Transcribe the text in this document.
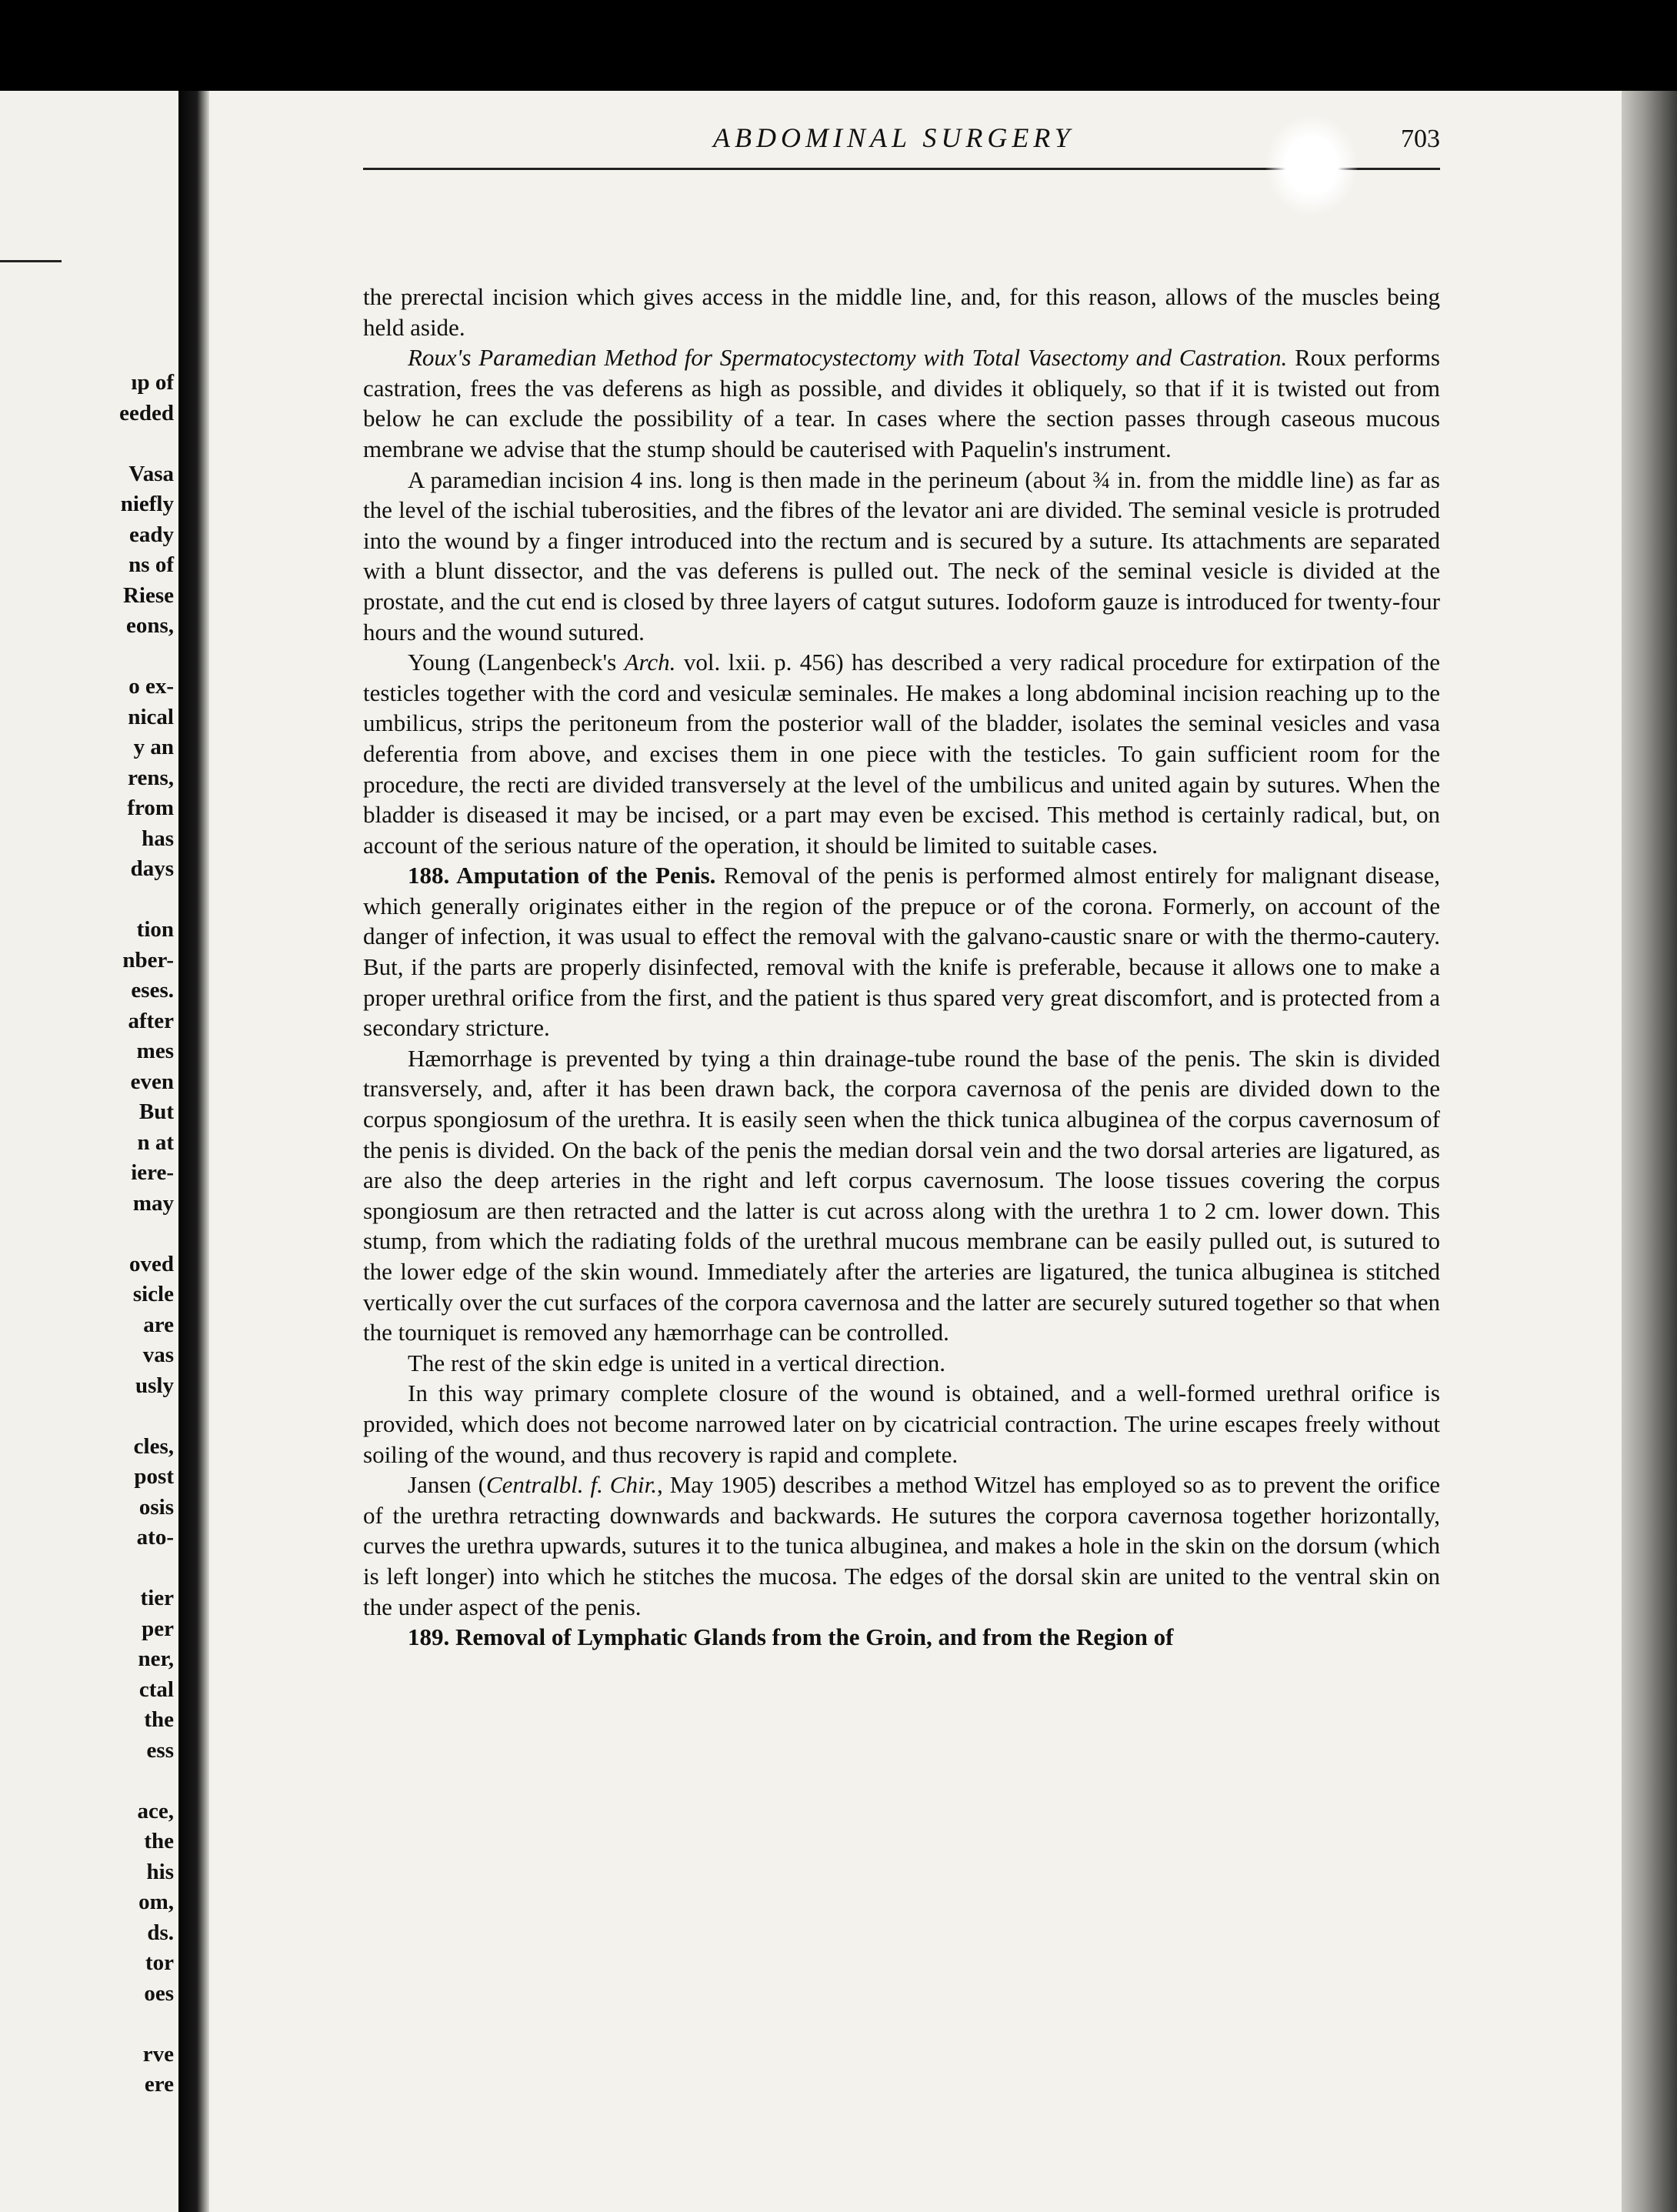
ıp of
eeded
Vasa
niefly
eady
ns of
Riese
eons,
o ex-
nical
y an
rens,
from
has
days
tion
nber-
eses.
after
mes
even
But
n at
iere-
may
oved
sicle
are
vas
usly
cles,
post
osis
ato-
tier
per
ner,
ctal
the
ess
ace,
the
his
om,
ds.
tor
oes
rve
ere
ABDOMINAL SURGERY	703

the prerectal incision which gives access in the middle line, and, for this reason, allows of the muscles being held aside.

Roux's Paramedian Method for Spermatocystectomy with Total Vasectomy and Castration. Roux performs castration, frees the vas deferens as high as possible, and divides it obliquely, so that if it is twisted out from below he can exclude the possibility of a tear. In cases where the section passes through caseous mucous membrane we advise that the stump should be cauterised with Paquelin's instrument.

A paramedian incision 4 ins. long is then made in the perineum (about ¾ in. from the middle line) as far as the level of the ischial tuberosities, and the fibres of the levator ani are divided. The seminal vesicle is protruded into the wound by a finger introduced into the rectum and is secured by a suture. Its attachments are separated with a blunt dissector, and the vas deferens is pulled out. The neck of the seminal vesicle is divided at the prostate, and the cut end is closed by three layers of catgut sutures. Iodoform gauze is introduced for twenty-four hours and the wound sutured.

Young (Langenbeck's Arch. vol. lxii. p. 456) has described a very radical procedure for extirpation of the testicles together with the cord and vesiculæ seminales. He makes a long abdominal incision reaching up to the umbilicus, strips the peritoneum from the posterior wall of the bladder, isolates the seminal vesicles and vasa deferentia from above, and excises them in one piece with the testicles. To gain sufficient room for the procedure, the recti are divided transversely at the level of the umbilicus and united again by sutures. When the bladder is diseased it may be incised, or a part may even be excised. This method is certainly radical, but, on account of the serious nature of the operation, it should be limited to suitable cases.

188. Amputation of the Penis. Removal of the penis is performed almost entirely for malignant disease, which generally originates either in the region of the prepuce or of the corona. Formerly, on account of the danger of infection, it was usual to effect the removal with the galvano-caustic snare or with the thermo-cautery. But, if the parts are properly disinfected, removal with the knife is preferable, because it allows one to make a proper urethral orifice from the first, and the patient is thus spared very great discomfort, and is protected from a secondary stricture.

Hæmorrhage is prevented by tying a thin drainage-tube round the base of the penis. The skin is divided transversely, and, after it has been drawn back, the corpora cavernosa of the penis are divided down to the corpus spongiosum of the urethra. It is easily seen when the thick tunica albuginea of the corpus cavernosum of the penis is divided. On the back of the penis the median dorsal vein and the two dorsal arteries are ligatured, as are also the deep arteries in the right and left corpus cavernosum. The loose tissues covering the corpus spongiosum are then retracted and the latter is cut across along with the urethra 1 to 2 cm. lower down. This stump, from which the radiating folds of the urethral mucous membrane can be easily pulled out, is sutured to the lower edge of the skin wound. Immediately after the arteries are ligatured, the tunica albuginea is stitched vertically over the cut surfaces of the corpora cavernosa and the latter are securely sutured together so that when the tourniquet is removed any hæmorrhage can be controlled.

The rest of the skin edge is united in a vertical direction.

In this way primary complete closure of the wound is obtained, and a well-formed urethral orifice is provided, which does not become narrowed later on by cicatricial contraction. The urine escapes freely without soiling of the wound, and thus recovery is rapid and complete.

Jansen (Centralbl. f. Chir., May 1905) describes a method Witzel has employed so as to prevent the orifice of the urethra retracting downwards and backwards. He sutures the corpora cavernosa together horizontally, curves the urethra upwards, sutures it to the tunica albuginea, and makes a hole in the skin on the dorsum (which is left longer) into which he stitches the mucosa. The edges of the dorsal skin are united to the ventral skin on the under aspect of the penis.

189. Removal of Lymphatic Glands from the Groin, and from the Region of
